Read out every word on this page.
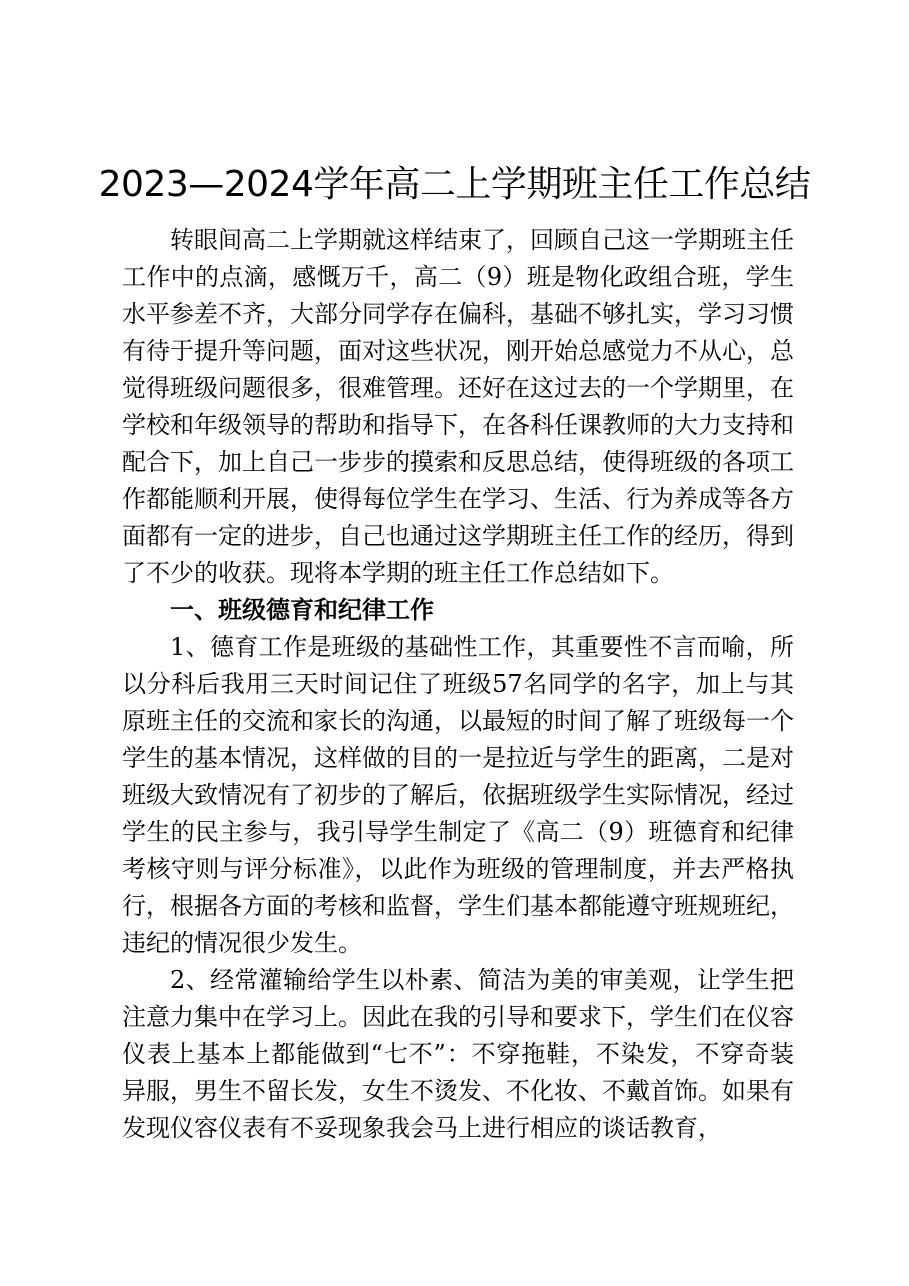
2023—2024学年高二上学期班主任工作总结

转眼间高二上学期就这样结束了，回顾自己这一学期班主任工作中的点滴，感慨万千，高二（9）班是物化政组合班，学生水平参差不齐，大部分同学存在偏科，基础不够扎实，学习习惯有待于提升等问题，面对这些状况，刚开始总感觉力不从心，总觉得班级问题很多，很难管理。还好在这过去的一个学期里，在学校和年级领导的帮助和指导下，在各科任课教师的大力支持和配合下，加上自己一步步的摸索和反思总结，使得班级的各项工作都能顺利开展，使得每位学生在学习、生活、行为养成等各方面都有一定的进步，自己也通过这学期班主任工作的经历，得到了不少的收获。现将本学期的班主任工作总结如下。

一、班级德育和纪律工作

1、德育工作是班级的基础性工作，其重要性不言而喻，所以分科后我用三天时间记住了班级57名同学的名字，加上与其原班主任的交流和家长的沟通，以最短的时间了解了班级每一个学生的基本情况，这样做的目的一是拉近与学生的距离，二是对班级大致情况有了初步的了解后，依据班级学生实际情况，经过学生的民主参与，我引导学生制定了《高二（9）班德育和纪律考核守则与评分标准》，以此作为班级的管理制度，并去严格执行，根据各方面的考核和监督，学生们基本都能遵守班规班纪，违纪的情况很少发生。

2、经常灌输给学生以朴素、简洁为美的审美观，让学生把注意力集中在学习上。因此在我的引导和要求下，学生们在仪容仪表上基本上都能做到“七不”：不穿拖鞋，不染发，不穿奇装异服，男生不留长发，女生不烫发、不化妆、不戴首饰。如果有发现仪容仪表有不妥现象我会马上进行相应的谈话教育，
